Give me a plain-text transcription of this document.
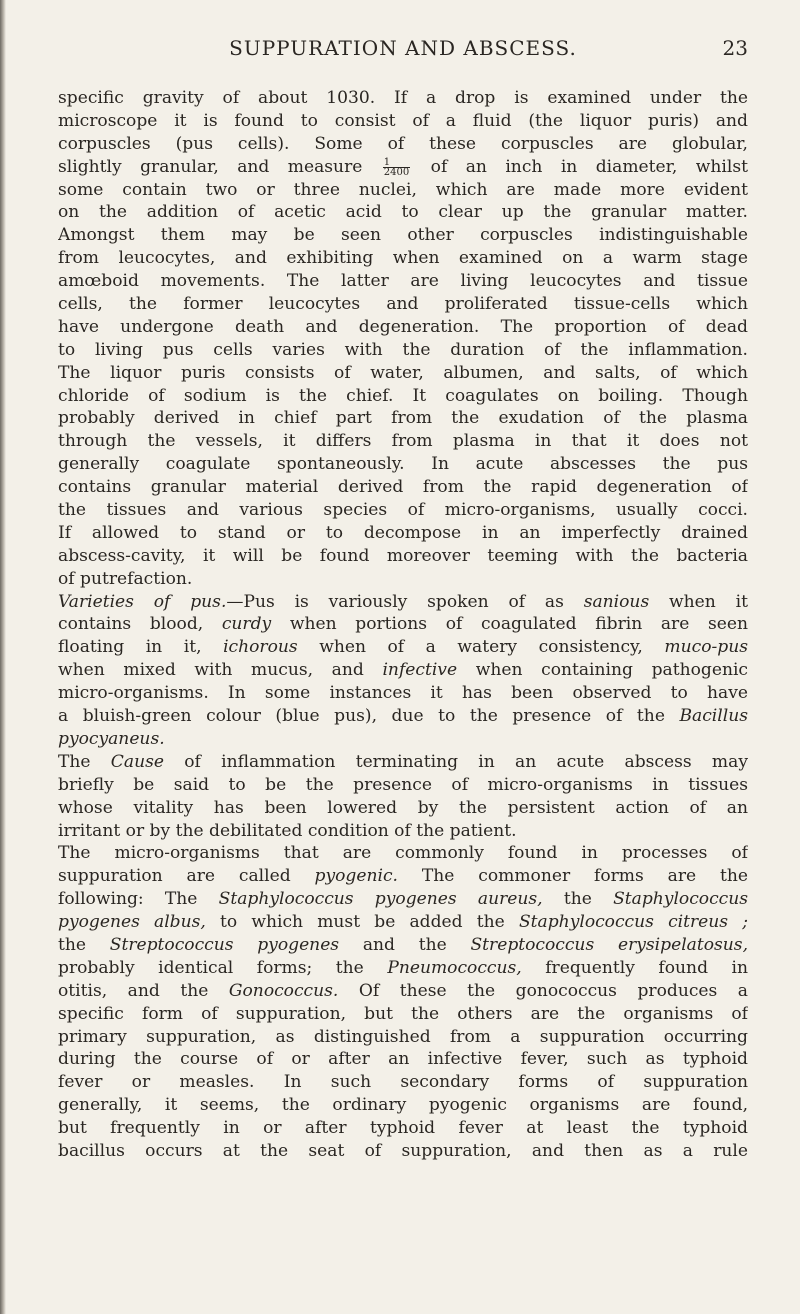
SUPPURATION AND ABSCESS.	23
specific gravity of about 1030. If a drop is examined under the
microscope it is found to consist of a fluid (the liquor puris) and
corpuscles (pus cells). Some of these corpuscles are globular,
slightly granular, and measure $\frac{1}{2400}$ of an inch in diameter, whilst
some contain two or three nuclei, which are made more evident
on the addition of acetic acid to clear up the granular matter.
Amongst them may be seen other corpuscles indistinguishable
from leucocytes, and exhibiting when examined on a warm stage
amœboid movements. The latter are living leucocytes and tissue
cells, the former leucocytes and proliferated tissue-cells which
have undergone death and degeneration. The proportion of dead
to living pus cells varies with the duration of the inflammation.
The liquor puris consists of water, albumen, and salts, of which
chloride of sodium is the chief. It coagulates on boiling. Though
probably derived in chief part from the exudation of the plasma
through the vessels, it differs from plasma in that it does not
generally coagulate spontaneously. In acute abscesses the pus
contains granular material derived from the rapid degeneration of
the tissues and various species of micro-organisms, usually cocci.
If allowed to stand or to decompose in an imperfectly drained
abscess-cavity, it will be found moreover teeming with the bacteria
of putrefaction.
Varieties of pus.—Pus is variously spoken of as sanious when it
contains blood, curdy when portions of coagulated fibrin are seen
floating in it, ichorous when of a watery consistency, muco-pus
when mixed with mucus, and infective when containing pathogenic
micro-organisms. In some instances it has been observed to have
a bluish-green colour (blue pus), due to the presence of the Bacillus
pyocyaneus.
The Cause of inflammation terminating in an acute abscess may
briefly be said to be the presence of micro-organisms in tissues
whose vitality has been lowered by the persistent action of an
irritant or by the debilitated condition of the patient.
The micro-organisms that are commonly found in processes of
suppuration are called pyogenic. The commoner forms are the
following: The Staphylococcus pyogenes aureus, the Staphylococcus
pyogenes albus, to which must be added the Staphylococcus citreus ;
the Streptococcus pyogenes and the Streptococcus erysipelatosus,
probably identical forms; the Pneumococcus, frequently found in
otitis, and the Gonococcus. Of these the gonococcus produces a
specific form of suppuration, but the others are the organisms of
primary suppuration, as distinguished from a suppuration occurring
during the course of or after an infective fever, such as typhoid
fever or measles. In such secondary forms of suppuration
generally, it seems, the ordinary pyogenic organisms are found,
but frequently in or after typhoid fever at least the typhoid
bacillus occurs at the seat of suppuration, and then as a rule
